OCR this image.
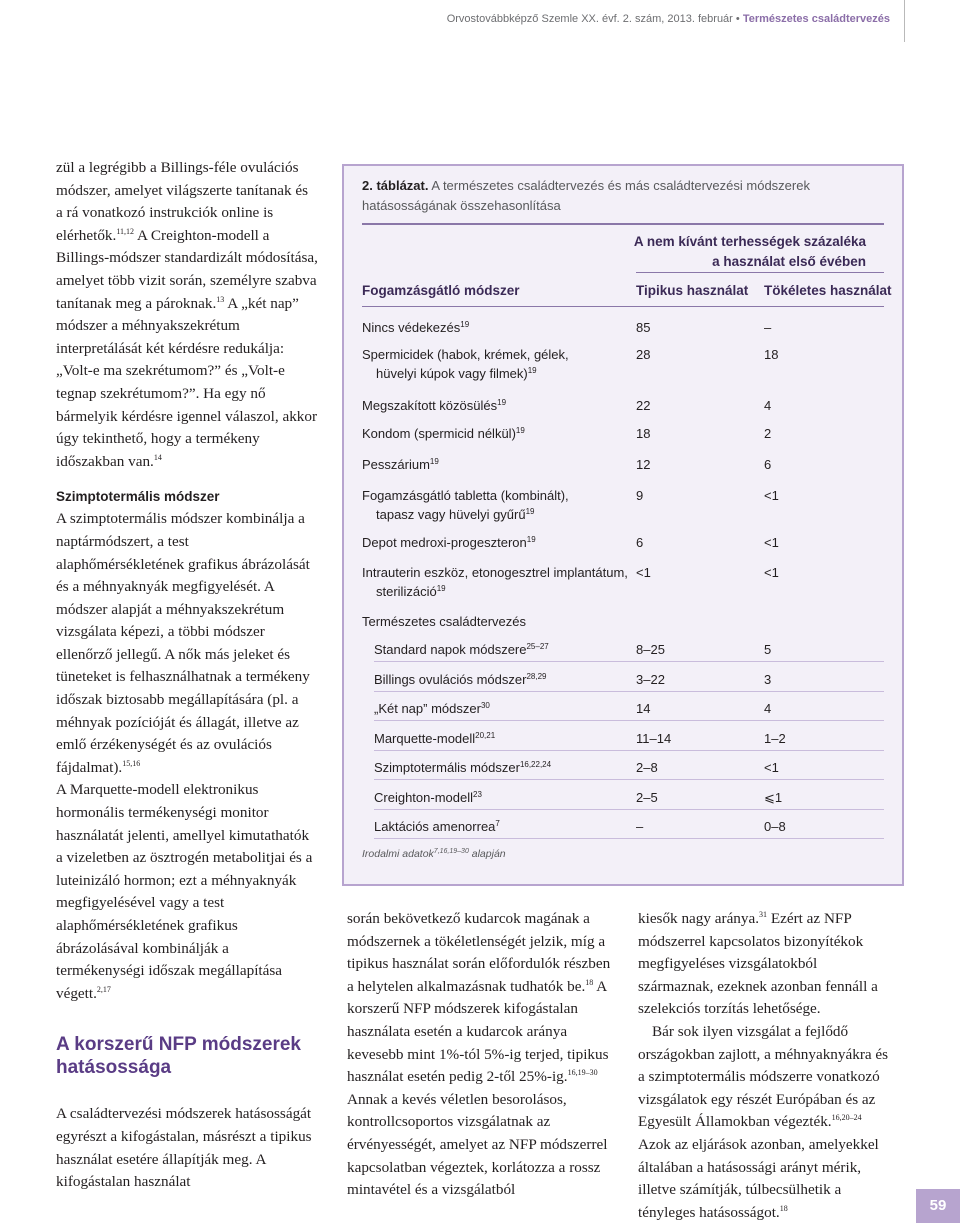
Orvostovábbképző Szemle XX. évf. 2. szám, 2013. február • Természetes családtervezés

zül a legrégibb a Billings-féle ovulációs módszer, amelyet világszerte tanítanak és a rá vonatkozó instrukciók online is elérhetők.$^{11,12}$ A Creighton-modell a Billings-módszer standardizált módosítása, amelyet több vizit során, személyre szabva tanítanak meg a pároknak.$^{13}$ A „két nap” módszer a méhnyakszekrétum interpretálását két kérdésre redukálja: „Volt-e ma szekrétumom?” és „Volt-e tegnap szekrétumom?”. Ha egy nő bármelyik kérdésre igennel válaszol, akkor úgy tekinthető, hogy a termékeny időszakban van.$^{14}$

Szimptotermális módszer

A szimptotermális módszer kombinálja a naptármódszert, a test alaphőmérsékletének grafikus ábrázolását és a méhnyaknyák megfigyelését. A módszer alapját a méhnyakszekrétum vizsgálata képezi, a többi módszer ellenőrző jellegű. A nők más jeleket és tüneteket is felhasználhatnak a termékeny időszak biztosabb megállapítására (pl. a méhnyak pozícióját és állagát, illetve az emlő érzékenységét és az ovulációs fájdalmat).$^{15,16}$

A Marquette-modell elektronikus hormonális termékenységi monitor használatát jelenti, amellyel kimutathatók a vizeletben az ösztrogén metabolitjai és a luteinizáló hormon; ezt a méhnyaknyák megfigyelésével vagy a test alaphőmérsékletének grafikus ábrázolásával kombinálják a termékenységi időszak megállapítása végett.$^{2,17}$

A korszerű NFP módszerek hatásossága

A családtervezési módszerek hatásosságát egyrészt a kifogástalan, másrészt a tipikus használat esetére állapítják meg. A kifogástalan használat

2. táblázat. A természetes családtervezés és más családtervezési módszerek hatásosságának összehasonlítása
A nem kívánt terhességek százaléka
a használat első évében
Fogamzásgátló módszer	Tipikus használat Tökéletes használat
Nincs védekezés$^{19}$	85	–
Spermicidek (habok, krémek, gélek,
hüvelyi kúpok vagy filmek)$^{19}$
28	18
Megszakított közösülés$^{19}$	22	4
Kondom (spermicid nélkül)$^{19}$	18	2
Pesszárium$^{19}$	12	6
Fogamzásgátló tabletta (kombinált),
tapasz vagy hüvelyi gyűrű$^{19}$
9	<1
Depot medroxi-progeszteron$^{19}$	6	<1
Intrauterin eszköz, etonogesztrel implantátum,
sterilizáció$^{19}$
<1	<1
Természetes családtervezés
Standard napok módszere$^{25-27}$	8–25	5
Billings ovulációs módszer$^{28,29}$	3–22	3
„Két nap” módszer$^{30}$	14	4
Marquette-modell$^{20,21}$	11–14	1–2
Szimptotermális módszer$^{16,22,24}$	2–8	<1
Creighton-modell$^{23}$	2–5	⩽1
Laktációs amenorrea$^7$	–	0–8
Irodalmi adatok$^{7,16,19-30}$ alapján

során bekövetkező kudarcok magának a módszernek a tökéletlenségét jelzik, míg a tipikus használat során előfordulók részben a helytelen alkalmazásnak tudhatók be.$^{18}$ A korszerű NFP módszerek kifogástalan használata esetén a kudarcok aránya kevesebb mint 1%-tól 5%-ig terjed, tipikus használat esetén pedig 2-től 25%-ig.$^{16,19-30}$ Annak a kevés véletlen besorolásos, kontrollcsoportos vizsgálatnak az érvényességét, amelyet az NFP módszerrel kapcsolatban végeztek, korlátozza a rossz mintavétel és a vizsgálatból

kiesők nagy aránya.$^{31}$ Ezért az NFP módszerrel kapcsolatos bizonyítékok megfigyeléses vizsgálatokból származnak, ezeknek azonban fennáll a szelekciós torzítás lehetősége.

Bár sok ilyen vizsgálat a fejlődő országokban zajlott, a méhnyaknyákra és a szimptotermális módszerre vonatkozó vizsgálatok egy részét Európában és az Egyesült Államokban végezték.$^{16,20-24}$ Azok az eljárások azonban, amelyekkel általában a hatásossági arányt mérik, illetve számítják, túlbecsülhetik a tényleges hatásosságot.$^{18}$	59
